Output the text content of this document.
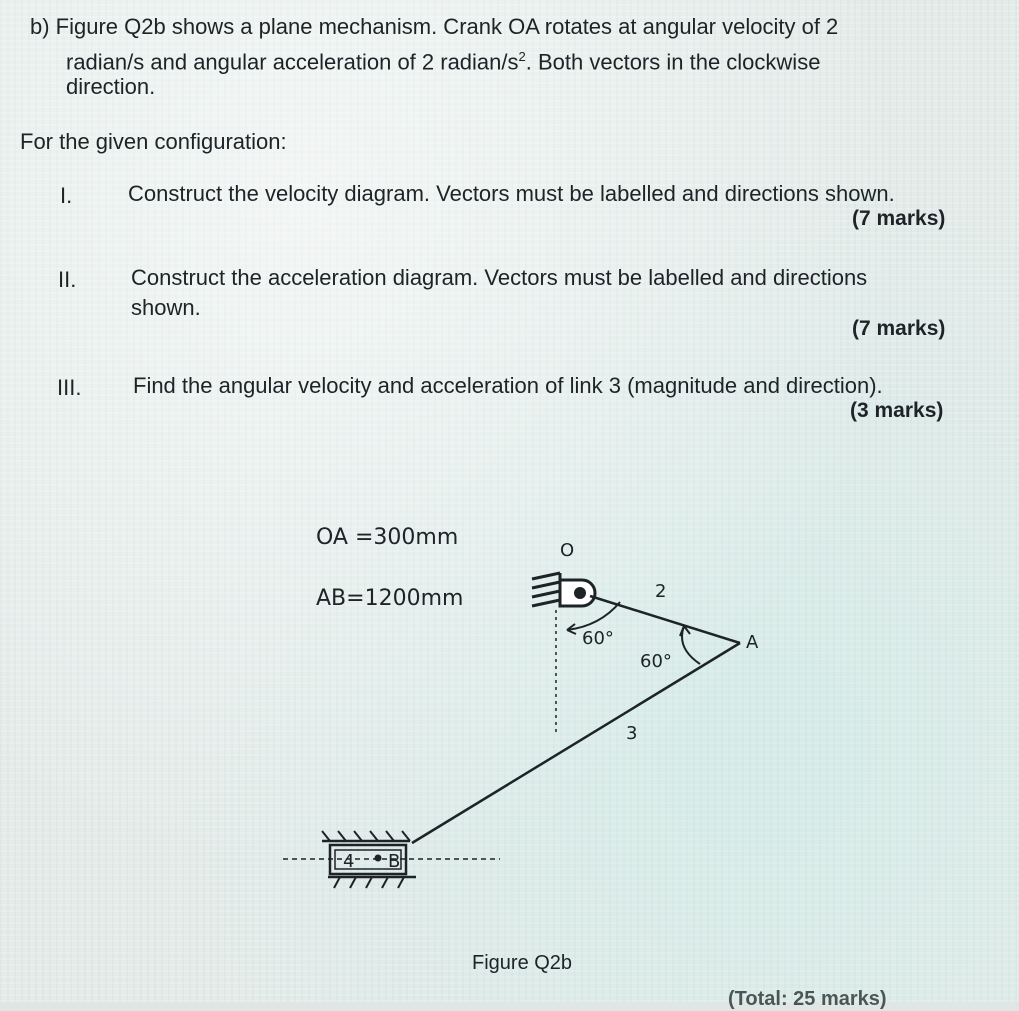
b) Figure Q2b shows a plane mechanism. Crank OA rotates at angular velocity of 2
radian/s and angular acceleration of 2 radian/$s^2$. Both vectors in the clockwise
direction.
For the given configuration:
I.	Construct the velocity diagram. Vectors must be labelled and directions shown.
(7 marks)
II. Construct the acceleration diagram. Vectors must be labelled and directions
shown.
(7 marks)
III. Find the angular velocity and acceleration of link 3 (magnitude and direction).
(3 marks)
OA =300mm
AB=1200mm
O
2
3
A
60°
60°
4 B
Figure Q2b
(Total: 25 marks)
